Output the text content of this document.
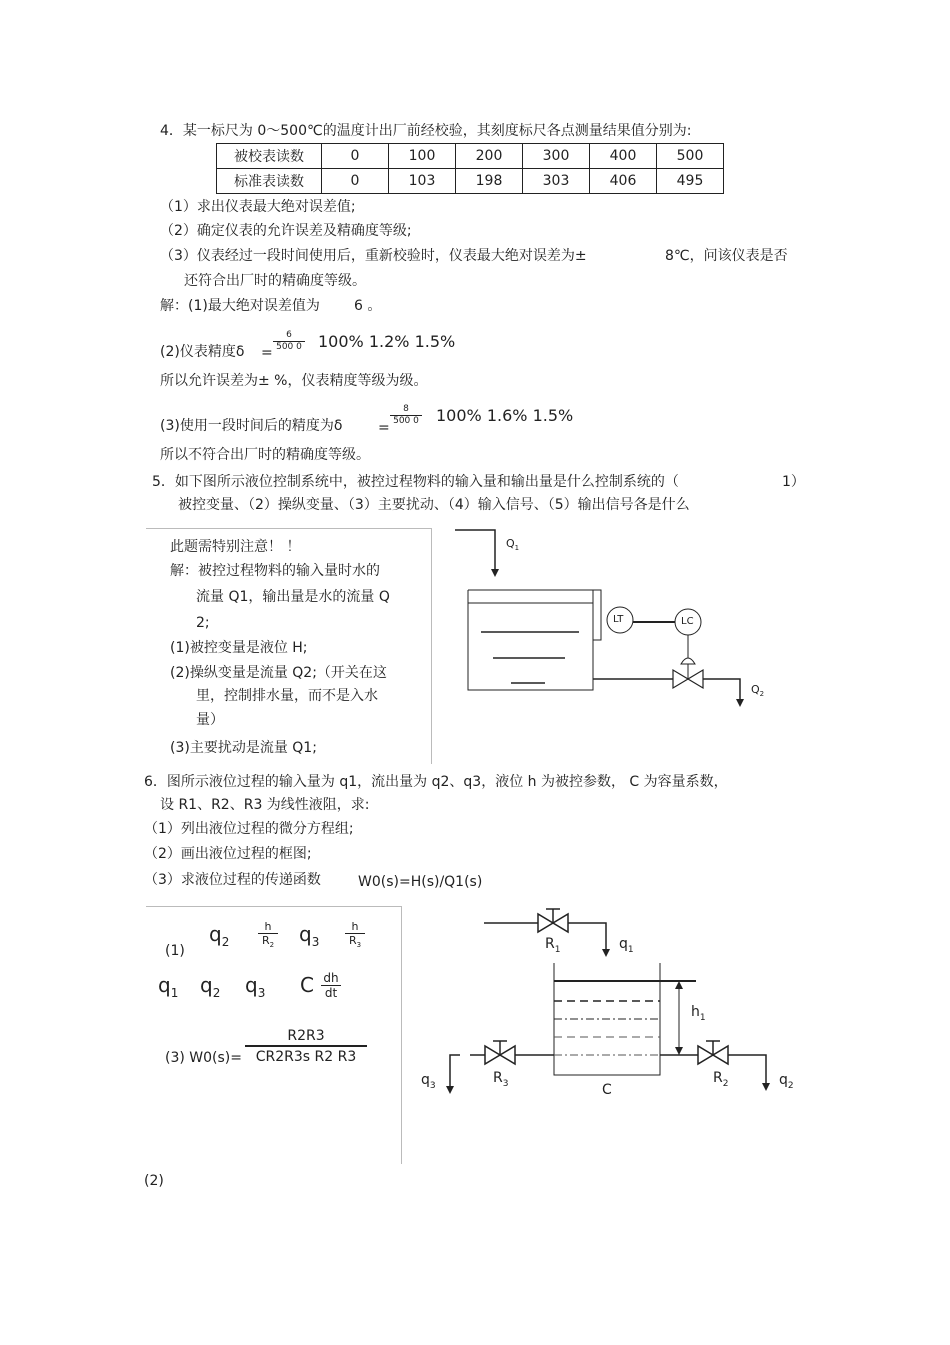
4．某一标尺为 0～500℃的温度计出厂前经校验，其刻度标尺各点测量结果值分别为:
被校表读数	0	100	200	300	400	500
标准表读数	0	103	198	303	406	495
（1）求出仪表最大绝对误差值;
（2）确定仪表的允许误差及精确度等级;
（3）仪表经过一段时间使用后，重新校验时，仪表最大绝对误差为±	8℃，问该仪表是否
还符合出厂时的精确度等级。
解：(1)最大绝对误差值为 6 。
(2)仪表精度δ =
6
500 0 100% 1.2% 1.5%
所以允许误差为± %，仪表精度等级为级。
(3)使用一段时间后的精度为δ	=
8
500 0 100% 1.6% 1.5%
所以不符合出厂时的精确度等级。
5．如下图所示液位控制系统中，被控过程物料的输入量和输出量是什么控制系统的（	1）
被控变量、（2）操纵变量、（3）主要扰动、（4）输入信号、（5）输出信号各是什么
此题需特别注意！ ！
解：被控过程物料的输入量时水的
流量 Q1，输出量是水的流量 Q
2;
(1)被控变量是液位 H;
(2)操纵变量是流量 Q2;（开关在这
里，控制排水量，而不是入水
量）
(3)主要扰动是流量 Q1;
LT	LC
$Q_1$
$Q_2$
6．图所示液位过程的输入量为 q1，流出量为 q2、q3，液位 h 为被控参数， C 为容量系数，
设 R1、R2、R3 为线性液阻，求:
（1）列出液位过程的微分方程组;
（2）画出液位过程的框图;
（3）求液位过程的传递函数	W0(s)=H(s)/Q1(s)
(1)
$q_2$
h
$R_2$ $q_3$
h
$R_3$
$q_1$ $q_2$ $q_3$ C dh
dt
(3) W0(s)=
R2R3
CR2R3s R2 R3
(2)
$R_1$	$q_1$
$h_1$
$R_3$	$R_2$
$q_3$	$q_2$
C
